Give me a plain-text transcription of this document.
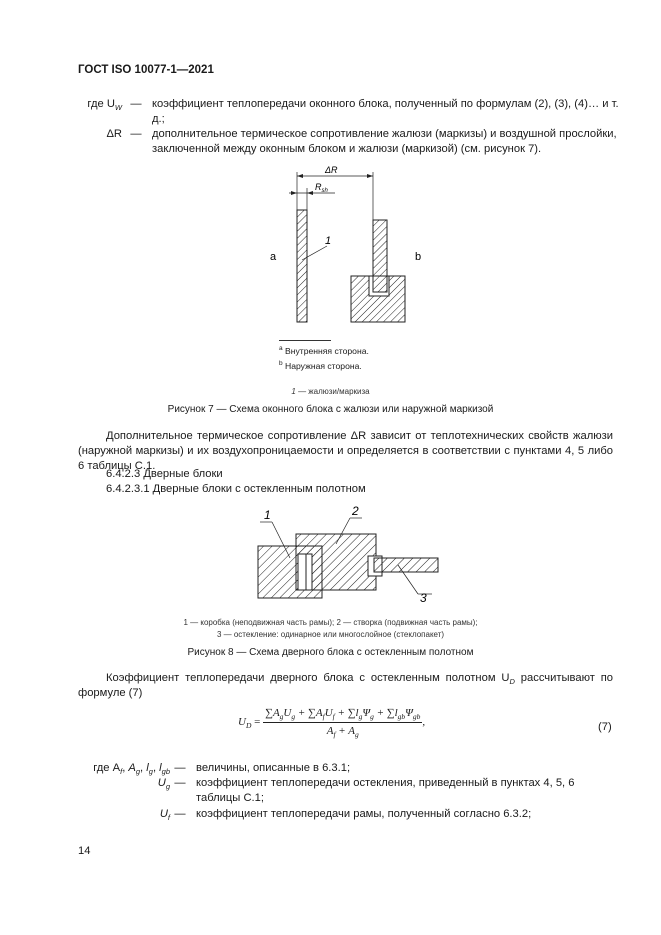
ГОСТ ISO 10077-1—2021
где $U_W$ — коэффициент теплопередачи оконного блока, полученный по формулам (2), (3), (4)… и т. д.;
ΔR — дополнительное термическое сопротивление жалюзи (маркизы) и воздушной прослойки, заключенной между оконным блоком и жалюзи (маркизой) (см. рисунок 7).
ΔR
$R_{sh}$
1
a	b
$^a$ Внутренняя сторона.
$^b$ Наружная сторона.
1 — жалюзи/маркиза
Рисунок 7 — Схема оконного блока с жалюзи или наружной маркизой
Дополнительное термическое сопротивление ΔR зависит от теплотехнических свойств жалюзи (наружной маркизы) и их воздухопроницаемости и определяется в соответствии с пунктами 4, 5 либо 6 таблицы С.1.
6.4.2.3 Дверные блоки
6.4.2.3.1 Дверные блоки с остекленным полотном
1	2
3
1 — коробка (неподвижная часть рамы); 2 — створка (подвижная часть рамы);
3 — остекление: одинарное или многослойное (стеклопакет)
Рисунок 8 — Схема дверного блока с остекленным полотном
Коэффициент теплопередачи дверного блока с остекленным полотном $U_D$ рассчитывают по формуле (7)
$U_D = \frac{\sum A_gU_g + \sum A_fU_f + \sum l_g\Psi_g + \sum l_{gb}\Psi_{gb}}{A_f + A_g}$ ,	(7)
где $A_f$, $A_g$, $l_g$, $l_{gb}$ — величины, описанные в 6.3.1;
$U_g$ — коэффициент теплопередачи остекления, приведенный в пунктах 4, 5, 6 таблицы С.1;
$U_f$ — коэффициент теплопередачи рамы, полученный согласно 6.3.2;
14
